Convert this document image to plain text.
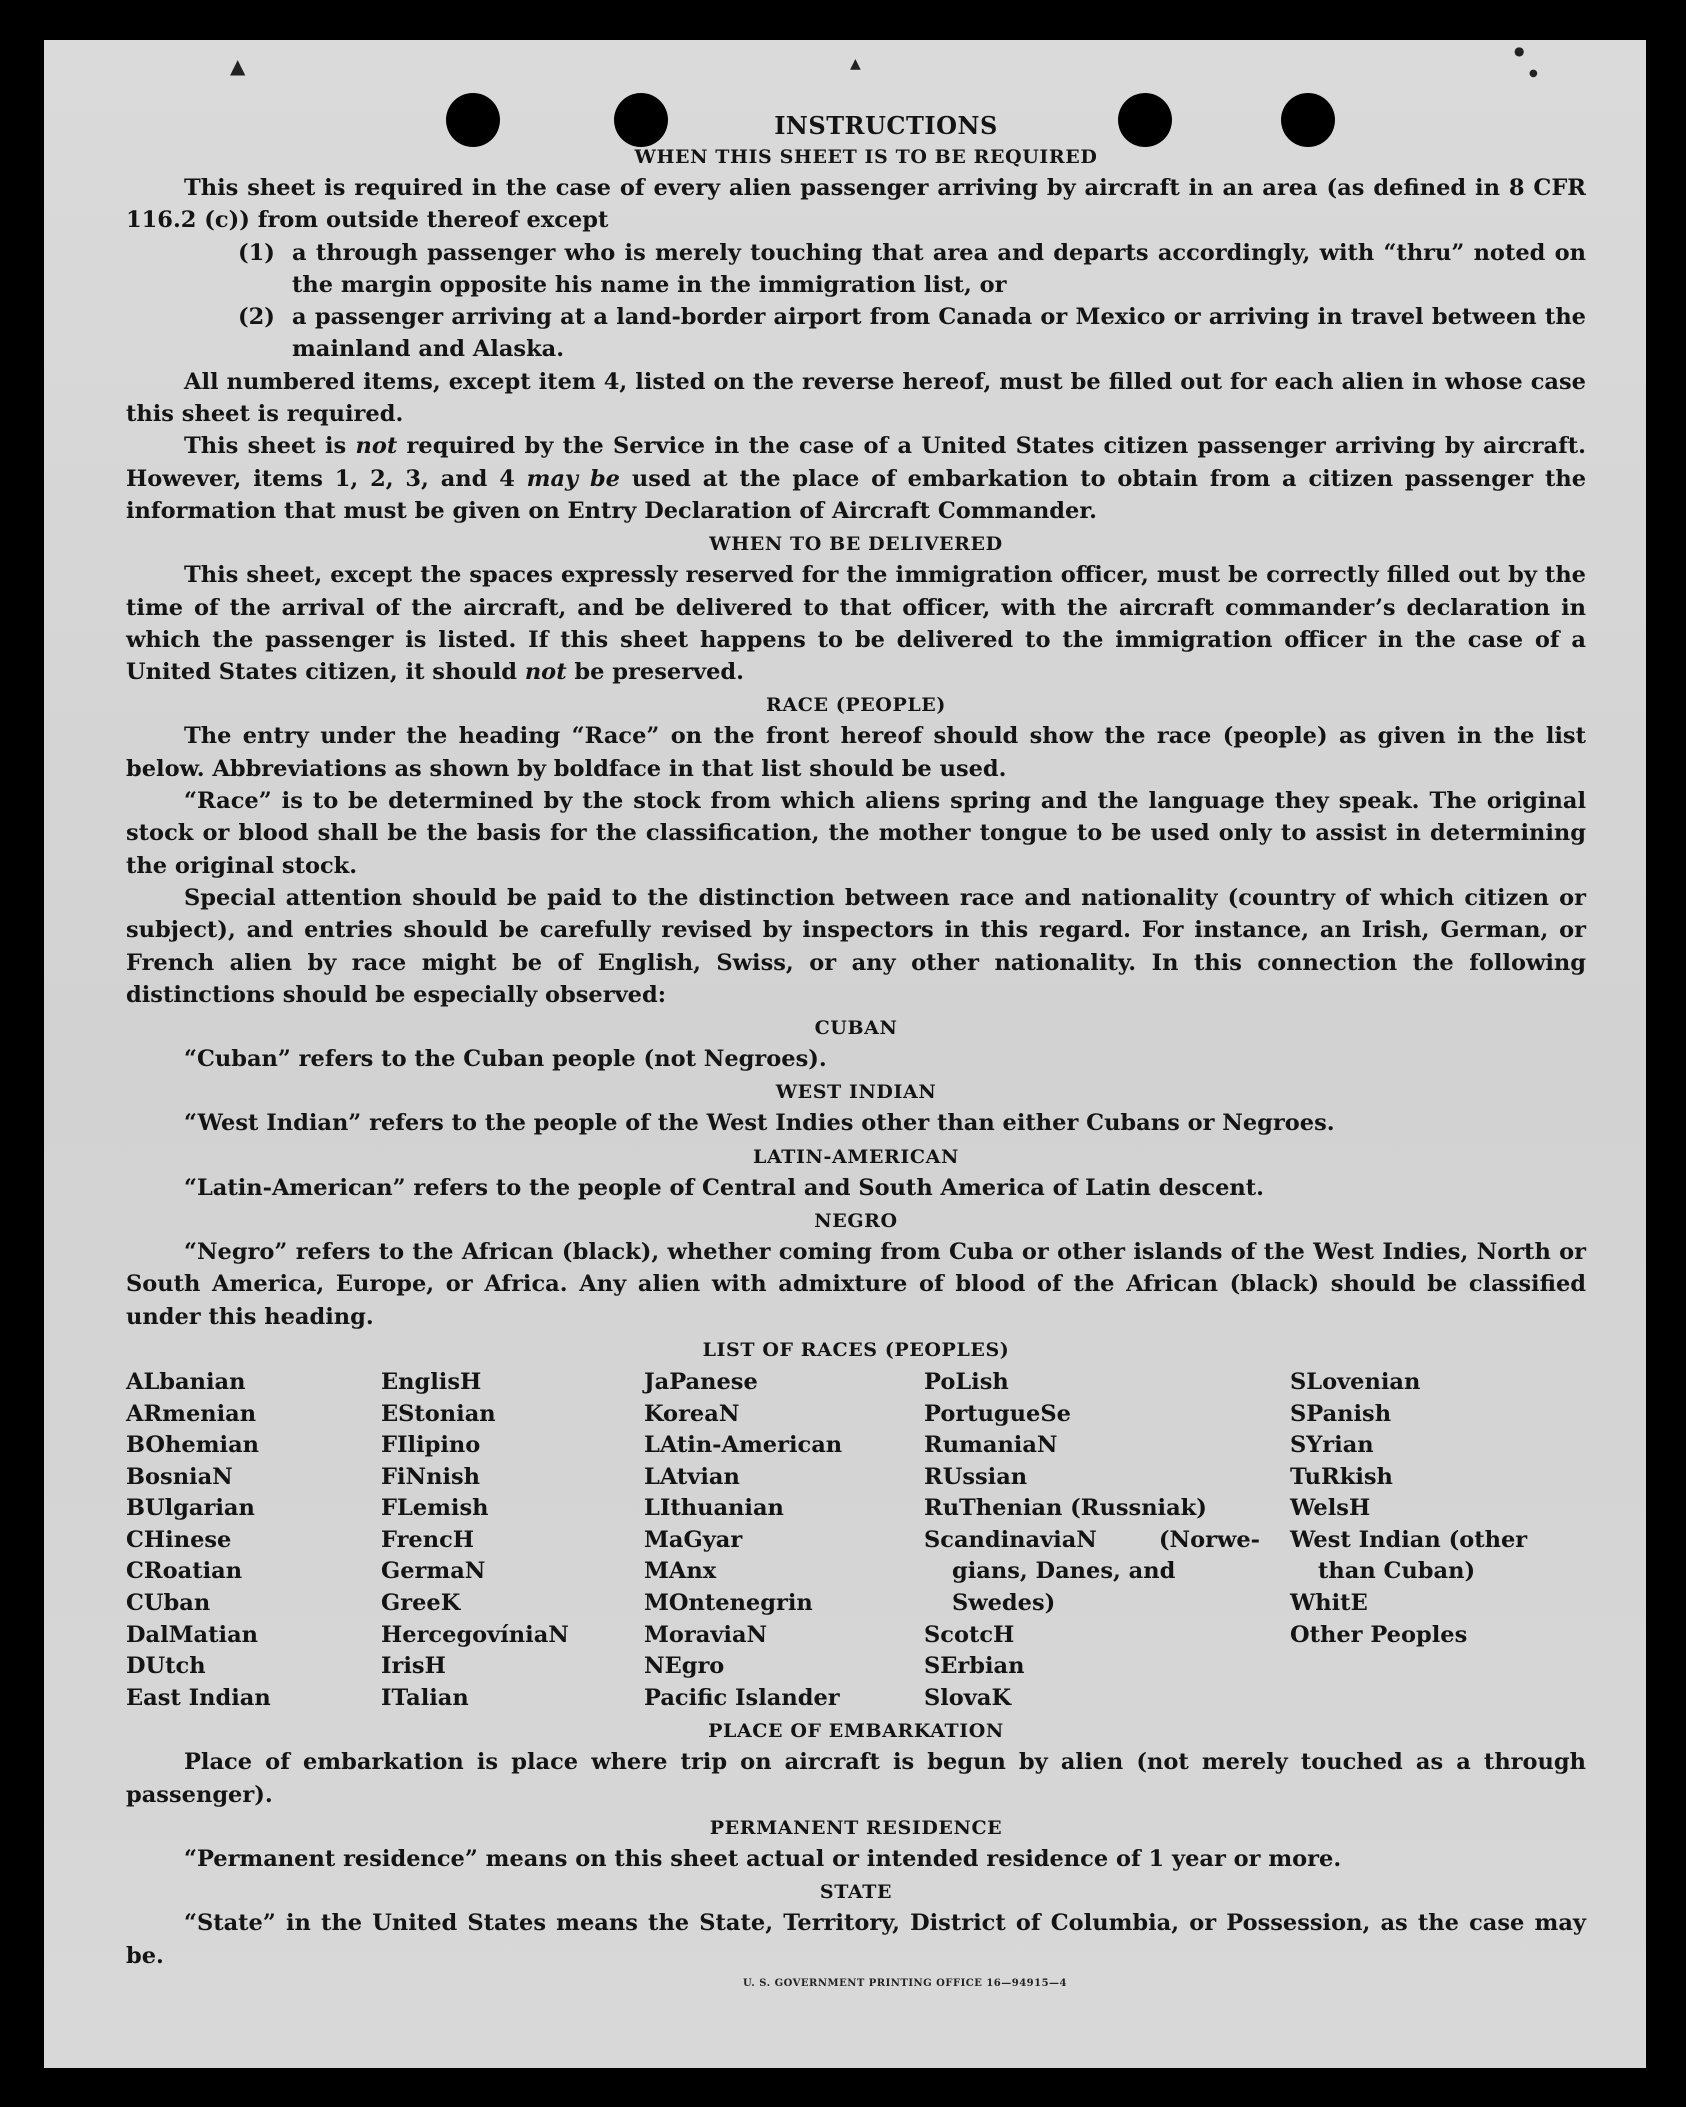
▲	▲
●
●
INSTRUCTIONS
WHEN THIS SHEET IS TO BE REQUIRED

This sheet is required in the case of every alien passenger arriving by aircraft in an area (as defined in 8 CFR 116.2 (c)) from outside thereof except

(1) a through passenger who is merely touching that area and departs accordingly, with “thru” noted on the margin opposite his name in the immigration list, or
(2) a passenger arriving at a land-border airport from Canada or Mexico or arriving in travel between the mainland and Alaska.

All numbered items, except item 4, listed on the reverse hereof, must be filled out for each alien in whose case this sheet is required.

This sheet is not required by the Service in the case of a United States citizen passenger arriving by aircraft. However, items 1, 2, 3, and 4 may be used at the place of embarkation to obtain from a citizen passenger the information that must be given on Entry Declaration of Aircraft Commander.

WHEN TO BE DELIVERED

This sheet, except the spaces expressly reserved for the immigration officer, must be correctly filled out by the time of the arrival of the aircraft, and be delivered to that officer, with the aircraft commander’s declaration in which the passenger is listed. If this sheet happens to be delivered to the immigration officer in the case of a United States citizen, it should not be preserved.

RACE (PEOPLE)

The entry under the heading “Race” on the front hereof should show the race (people) as given in the list below. Abbreviations as shown by boldface in that list should be used.

“Race” is to be determined by the stock from which aliens spring and the language they speak. The original stock or blood shall be the basis for the classification, the mother tongue to be used only to assist in determining the original stock.

Special attention should be paid to the distinction between race and nationality (country of which citizen or subject), and entries should be carefully revised by inspectors in this regard. For instance, an Irish, German, or French alien by race might be of English, Swiss, or any other nationality. In this connection the following distinctions should be especially observed:

CUBAN
“Cuban” refers to the Cuban people (not Negroes).
WEST INDIAN
“West Indian” refers to the people of the West Indies other than either Cubans or Negroes.
LATIN-AMERICAN
“Latin-American” refers to the people of Central and South America of Latin descent.
NEGRO

“Negro” refers to the African (black), whether coming from Cuba or other islands of the West Indies, North or South America, Europe, or Africa. Any alien with admixture of blood of the African (black) should be classified under this heading.

LIST OF RACES (PEOPLES)
ALbanian
ARmenian
BOhemian
BosniaN
BUlgarian
CHinese
CRoatian
CUban
DalMatian
DUtch
East Indian
EnglisH
EStonian
FIlipino
FiNnish
FLemish
FrencH
GermaN
GreeK
HercegovíniaN
IrisH
ITalian
JaPanese
KoreaN
LAtin-American
LAtvian
LIthuanian
MaGyar
MAnx
MOntenegrin
MoraviaN
NEgro
Pacific Islander
PoLish
PortugueSe
RumaniaN
RUssian
RuThenian (Russniak)
ScandinaviaN (Norwe-gians, Danes, and
Swedes)
ScotcH
SErbian
SlovaK
SLovenian
SPanish
SYrian
TuRkish
WelsH
West Indian (other
than Cuban)
WhitE
Other Peoples
PLACE OF EMBARKATION

Place of embarkation is place where trip on aircraft is begun by alien (not merely touched as a through passenger).

PERMANENT RESIDENCE
“Permanent residence” means on this sheet actual or intended residence of 1 year or more.
STATE

“State” in the United States means the State, Territory, District of Columbia, or Possession, as the case may be.

U. S. GOVERNMENT PRINTING OFFICE 16—94915—4
